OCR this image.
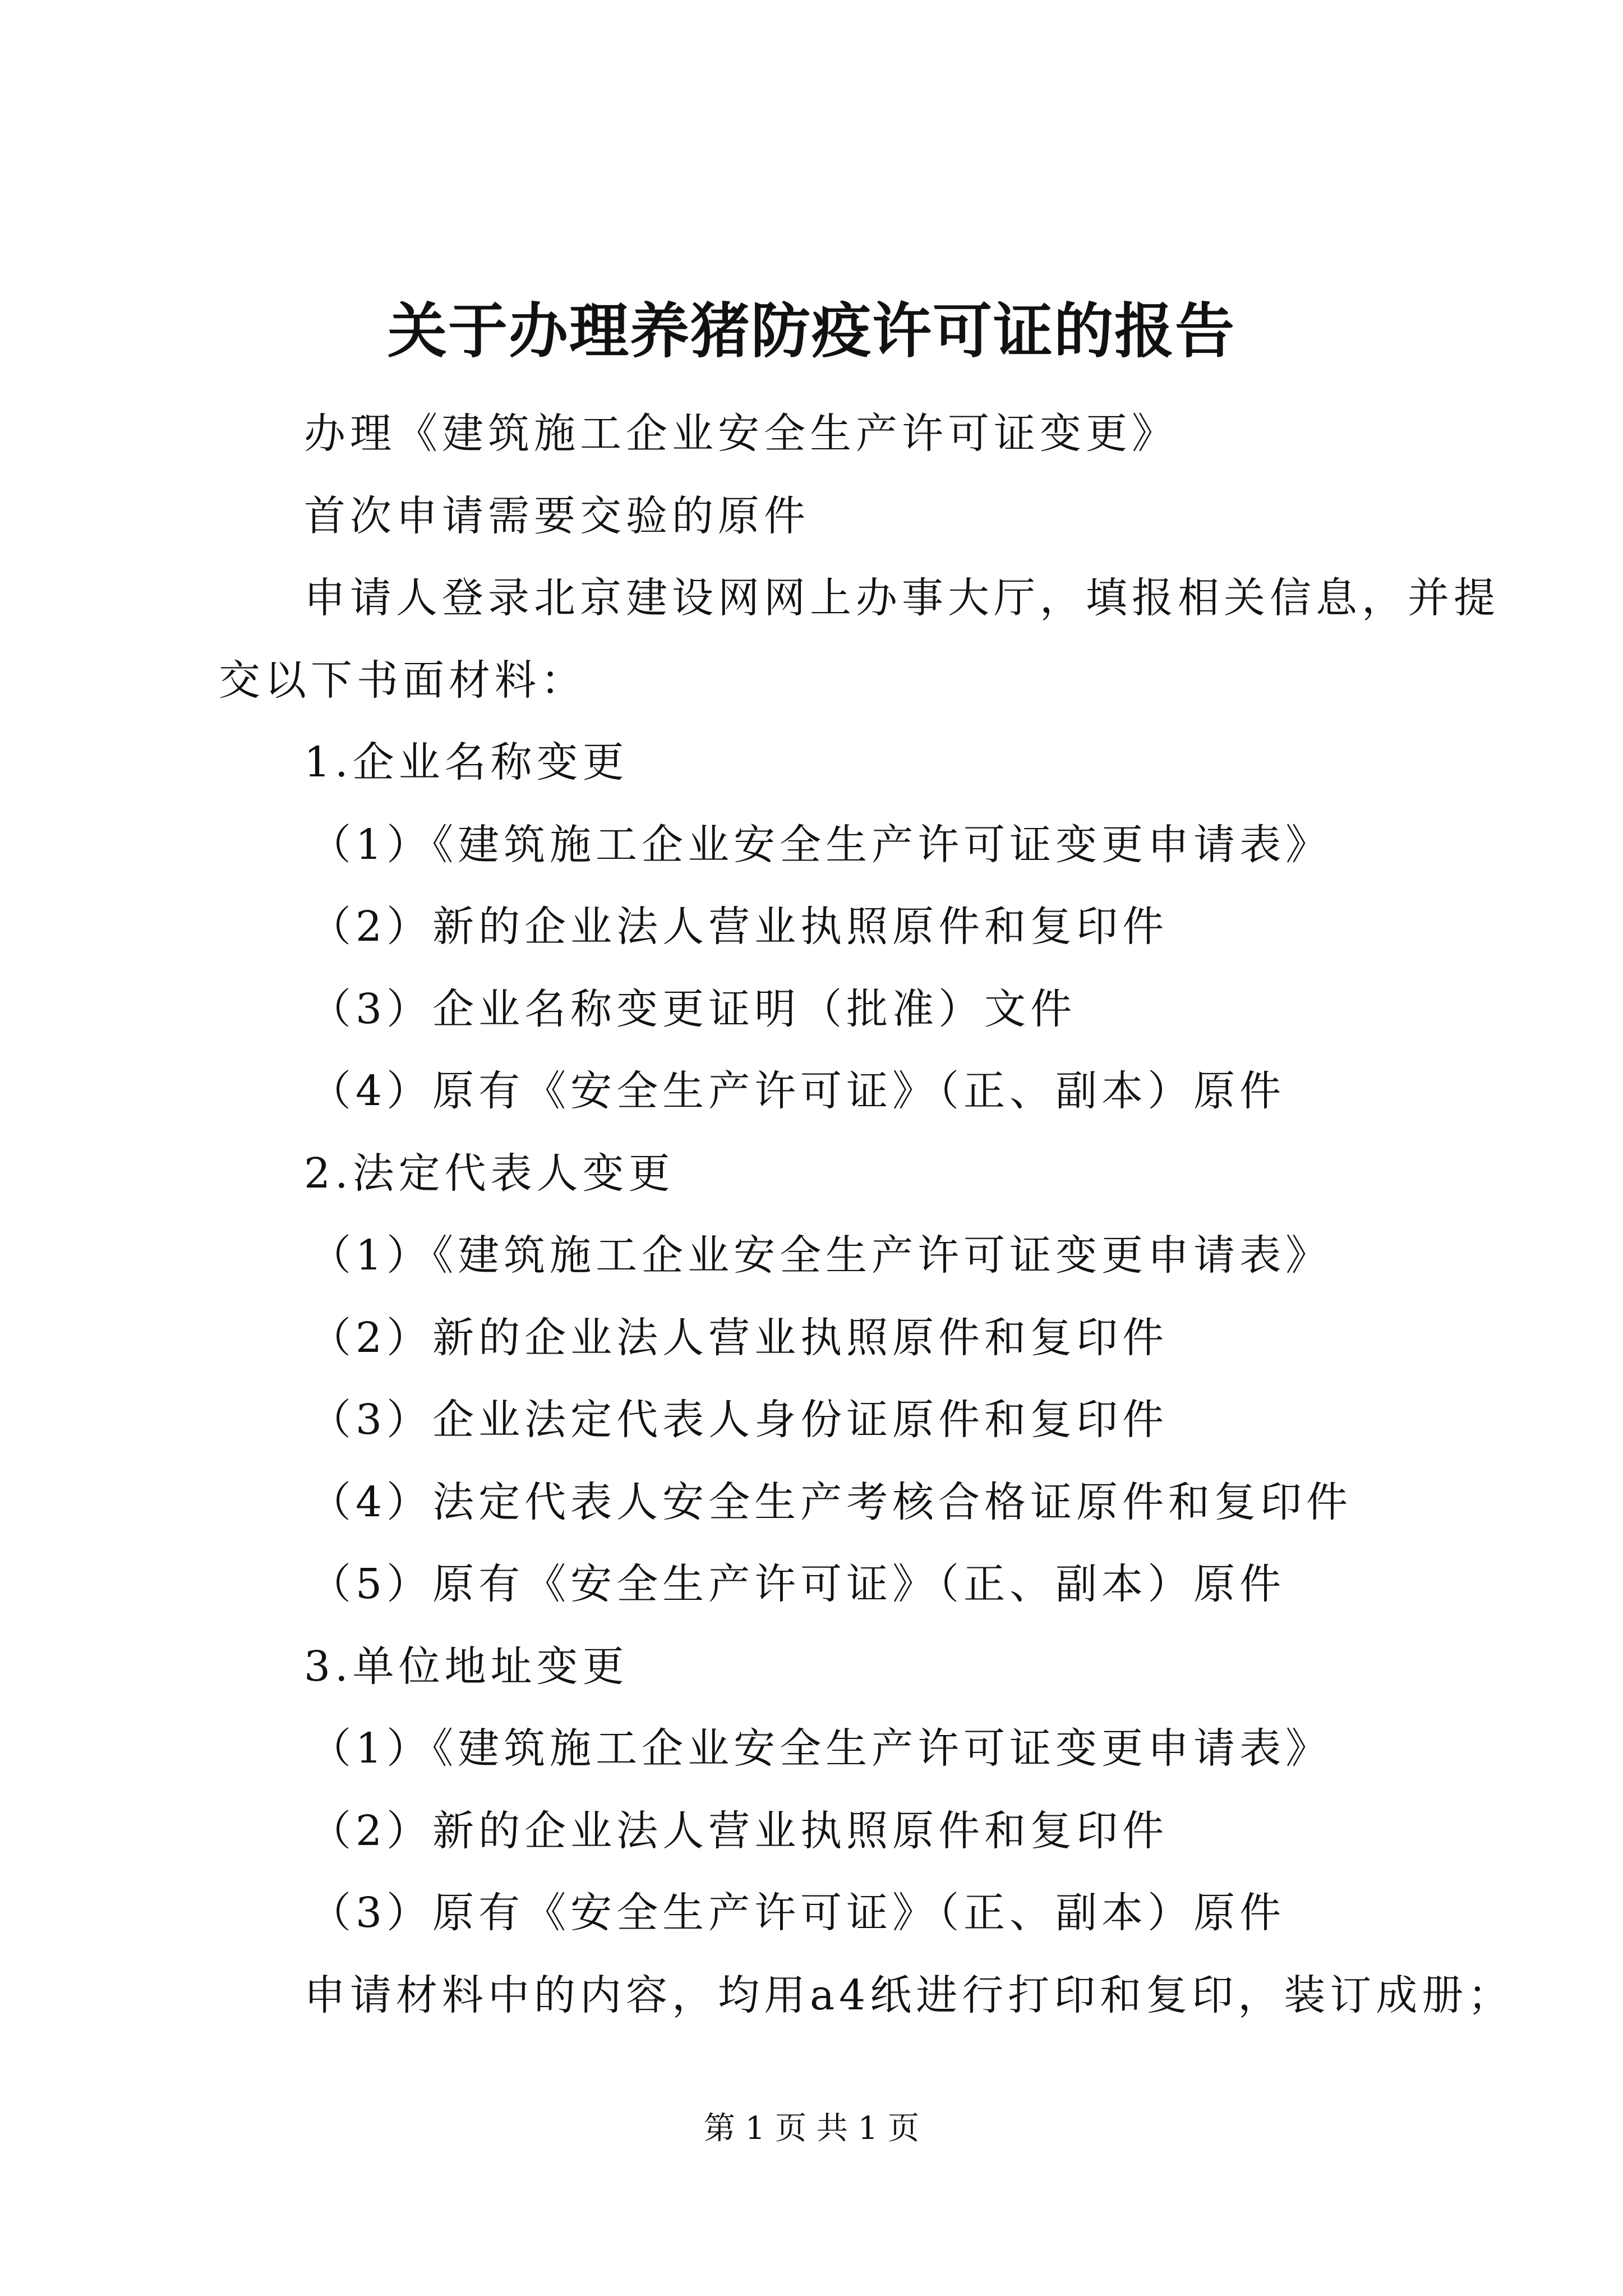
关于办理养猪防疫许可证的报告
办理《建筑施工企业安全生产许可证变更》
首次申请需要交验的原件
申请人登录北京建设网网上办事大厅，填报相关信息，并提
交以下书面材料：
1.企业名称变更
（1）《建筑施工企业安全生产许可证变更申请表》
（2）新的企业法人营业执照原件和复印件
（3）企业名称变更证明（批准）文件
（4）原有《安全生产许可证》（正、副本）原件
2.法定代表人变更
（1）《建筑施工企业安全生产许可证变更申请表》
（2）新的企业法人营业执照原件和复印件
（3）企业法定代表人身份证原件和复印件
（4）法定代表人安全生产考核合格证原件和复印件
（5）原有《安全生产许可证》（正、副本）原件
3.单位地址变更
（1）《建筑施工企业安全生产许可证变更申请表》
（2）新的企业法人营业执照原件和复印件
（3）原有《安全生产许可证》（正、副本）原件
申请材料中的内容，均用a4纸进行打印和复印，装订成册；
第 1 页 共 1 页
